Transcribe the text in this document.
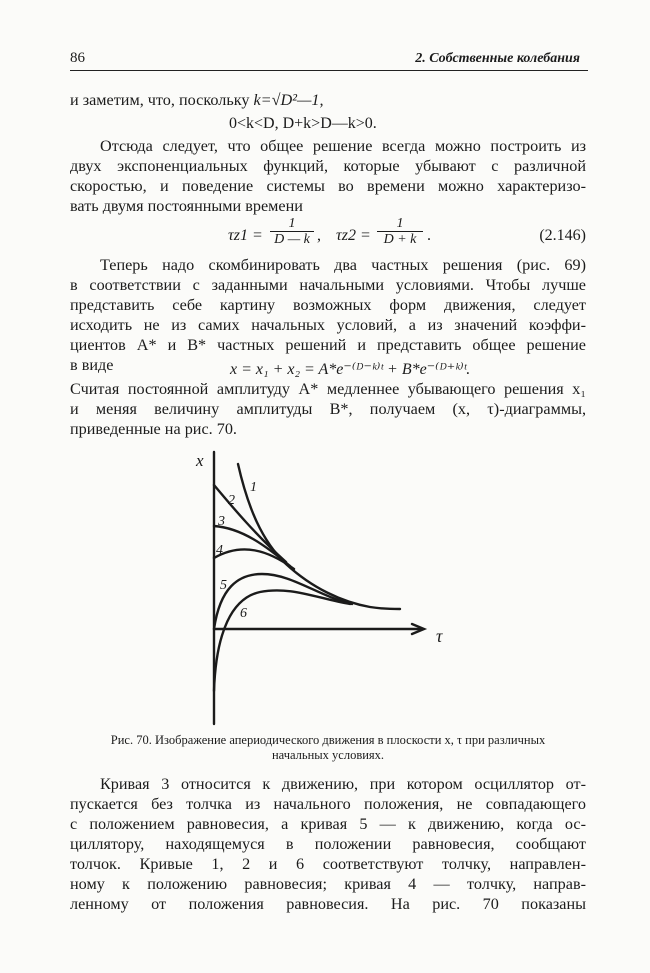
86	2. Собственные колебания
и заметим, что, поскольку k=√D²—1,
0<k<D, D+k>D—k>0.
Отсюда следует, что общее решение всегда можно построить из
двух экспоненциальных функций, которые убывают с различной
скоростью, и поведение системы во времени можно характеризо-
вать двумя постоянными времени
τz1 =
1
D — k , τz2 =
1
D + k .	(2.146)
Теперь надо скомбинировать два частных решения (рис. 69)
в соответствии с заданными начальными условиями. Чтобы лучше
представить себе картину возможных форм движения, следует
исходить не из самих начальных условий, а из значений коэффи-
циентов A* и B* частных решений и представить общее решение
в виде	x = x₁ + x₂ = A*e⁻⁽ᴰ⁻ᵏ⁾ᵗ + B*e⁻⁽ᴰ⁺ᵏ⁾ᵗ.
Считая постоянной амплитуду A* медленнее убывающего решения x₁
и меняя величину амплитуды B*, получаем (x, τ)-диаграммы,
приведенные на рис. 70.
x
τ
1
2
3
4
5
6
Рис. 70. Изображение апериодического движения в плоскости x, τ при различных
начальных условиях.
Кривая 3 относится к движению, при котором осциллятор от-
пускается без толчка из начального положения, не совпадающего
с положением равновесия, а кривая 5 — к движению, когда ос-
циллятору, находящемуся в положении равновесия, сообщают
толчок. Кривые 1, 2 и 6 соответствуют толчку, направлен-
ному к положению равновесия; кривая 4 — толчку, направ-
ленному от положения равновесия. На рис. 70 показаны
